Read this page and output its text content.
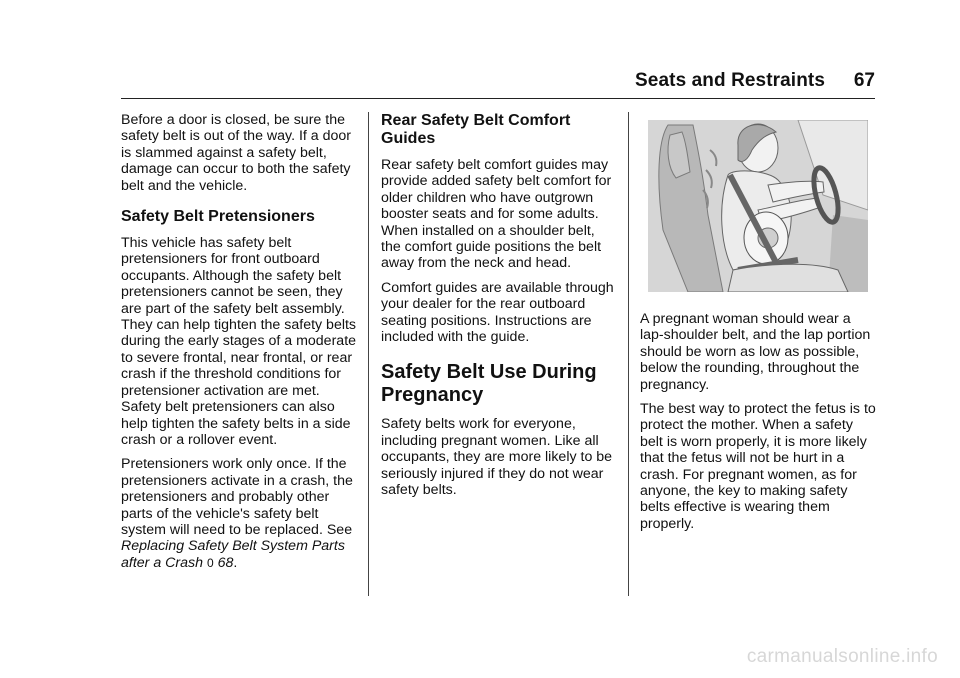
Seats and Restraints 67

Before a door is closed, be sure the safety belt is out of the way. If a door is slammed against a safety belt, damage can occur to both the safety belt and the vehicle.

Safety Belt Pretensioners

This vehicle has safety belt pretensioners for front outboard occupants. Although the safety belt pretensioners cannot be seen, they are part of the safety belt assembly. They can help tighten the safety belts during the early stages of a moderate to severe frontal, near frontal, or rear crash if the threshold conditions for pretensioner activation are met. Safety belt pretensioners can also help tighten the safety belts in a side crash or a rollover event.

Pretensioners work only once. If the pretensioners activate in a crash, the pretensioners and probably other parts of the vehicle's safety belt system will need to be replaced. See Replacing Safety Belt System Parts after a Crash 0 68.

Rear Safety Belt Comfort Guides

Rear safety belt comfort guides may provide added safety belt comfort for older children who have outgrown booster seats and for some adults. When installed on a shoulder belt, the comfort guide positions the belt away from the neck and head.

Comfort guides are available through your dealer for the rear outboard seating positions. Instructions are included with the guide.

Safety Belt Use During Pregnancy

Safety belts work for everyone, including pregnant women. Like all occupants, they are more likely to be seriously injured if they do not wear safety belts.

A pregnant woman should wear a lap-shoulder belt, and the lap portion should be worn as low as possible, below the rounding, throughout the pregnancy.

The best way to protect the fetus is to protect the mother. When a safety belt is worn properly, it is more likely that the fetus will not be hurt in a crash. For pregnant women, as for anyone, the key to making safety belts effective is wearing them properly.

carmanualsonline.info
